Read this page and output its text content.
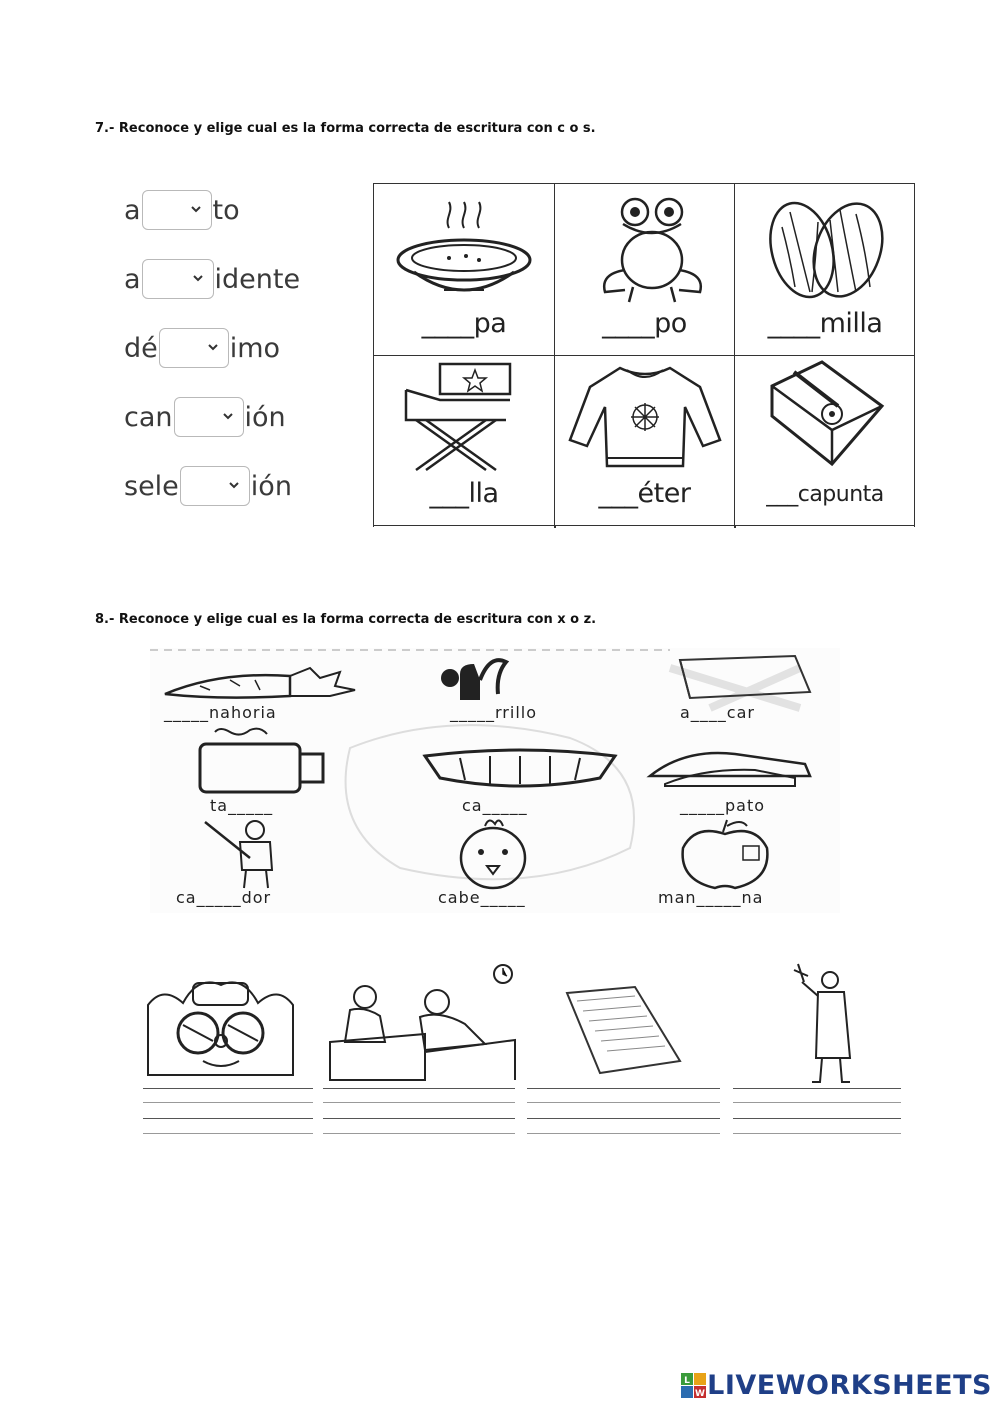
7.- Reconoce y elige cual es la forma correcta de escritura con c o s.
a	to
a	idente
dé	imo
can	ión
sele	ión
____pa	____po	____milla
___lla	___éter	___capunta
8.- Reconoce y elige cual es la forma correcta de escritura con x o z.
_____nahoria	_____rrillo	a____car
ta_____	ca_____	_____pato
ca_____dor	cabe_____	man_____na
L
W LIVEWORKSHEETS
